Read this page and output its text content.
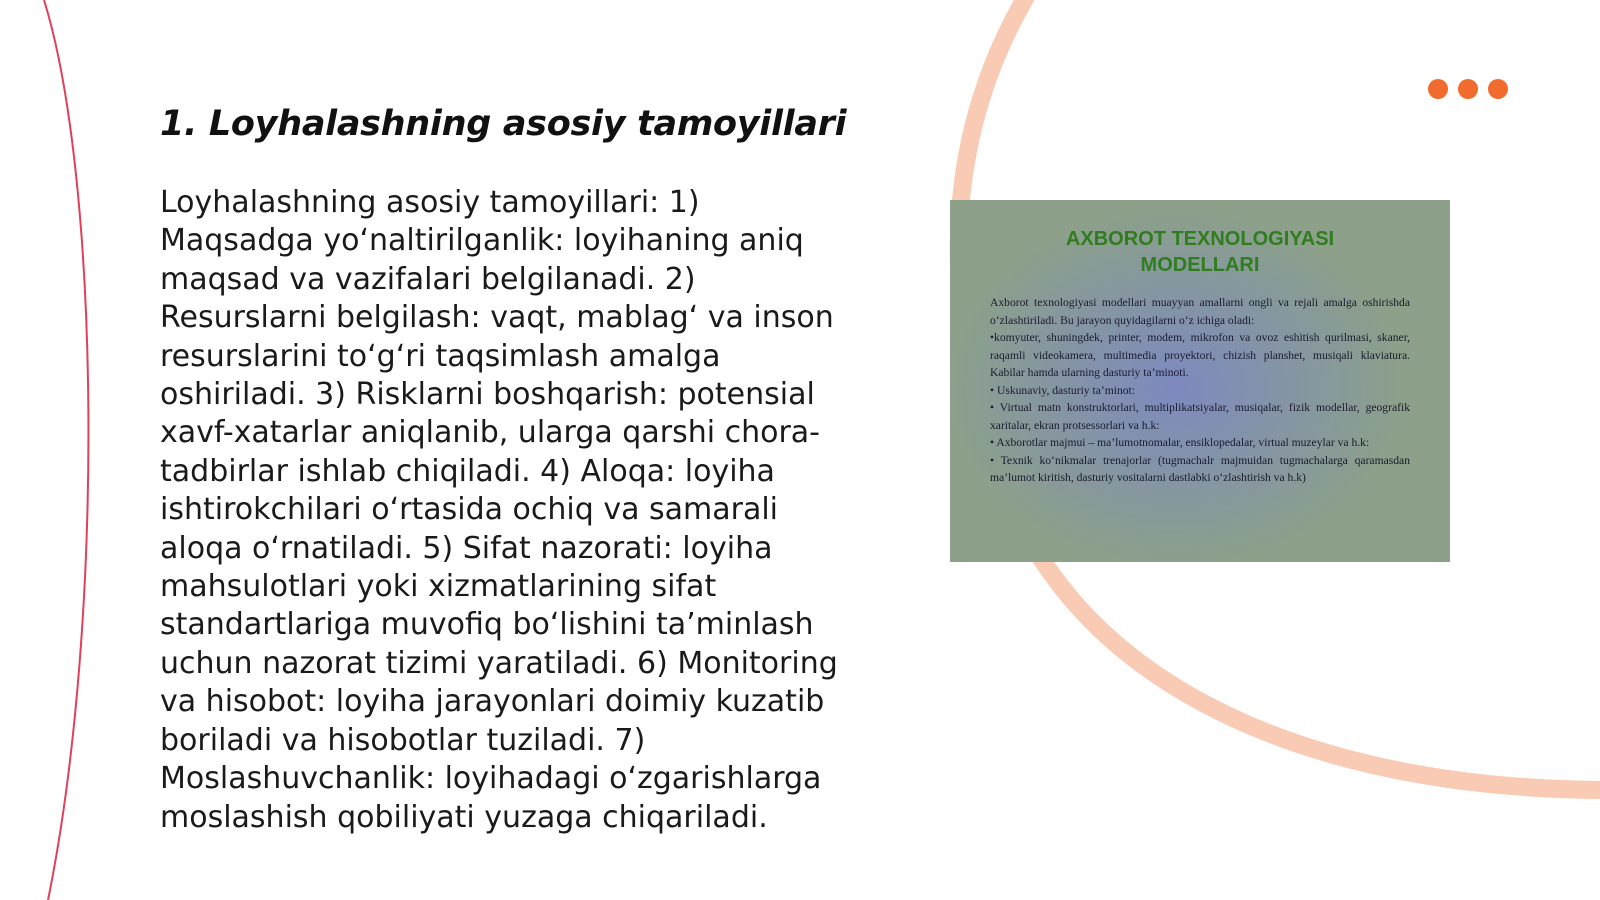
1. Loyhalashning asosiy tamoyillari

Loyhalashning asosiy tamoyillari: 1) Maqsadga yo‘naltirilganlik: loyihaning aniq maqsad va vazifalari belgilanadi. 2) Resurslarni belgilash: vaqt, mablag‘ va inson resurslarini to‘g‘ri taqsimlash amalga oshiriladi. 3) Risklarni boshqarish: potensial xavf-xatarlar aniqlanib, ularga qarshi chora-tadbirlar ishlab chiqiladi. 4) Aloqa: loyiha ishtirokchilari o‘rtasida ochiq va samarali aloqa o‘rnatiladi. 5) Sifat nazorati: loyiha mahsulotlari yoki xizmatlarining sifat standartlariga muvofiq bo‘lishini ta’minlash uchun nazorat tizimi yaratiladi. 6) Monitoring va hisobot: loyiha jarayonlari doimiy kuzatib boriladi va hisobotlar tuziladi. 7) Moslashuvchanlik: loyihadagi o‘zgarishlarga moslashish qobiliyati yuzaga chiqariladi.

AXBOROT TEXNOLOGIYASI
MODELLARI

Axborot texnologiyasi modellari muayyan amallarni ongli va rejali amalga oshirishda o‘zlashtiriladi. Bu jarayon quyidagilarni o‘z ichiga oladi:

•komyuter, shuningdek, printer, modem, mikrofon va ovoz eshitish qurilmasi, skaner, raqamli videokamera, multimedia proyektori, chizish planshet, musiqali klaviatura. Kabilar hamda ularning dasturiy ta’minoti.

• Uskunaviy, dasturiy ta’minot:

• Virtual matn konstruktorlari, multiplikatsiyalar, musiqalar, fizik modellar, geografik xaritalar, ekran protsessorlari va h.k:

• Axborotlar majmui – ma’lumotnomalar, ensiklopedalar, virtual muzeylar va h.k:

• Texnik ko‘nikmalar trenajorlar (tugmachalr majmuidan tugmachalarga qaramasdan ma’lumot kiritish, dasturiy vositalarni dastlabki o‘zlashtirish va h.k)
